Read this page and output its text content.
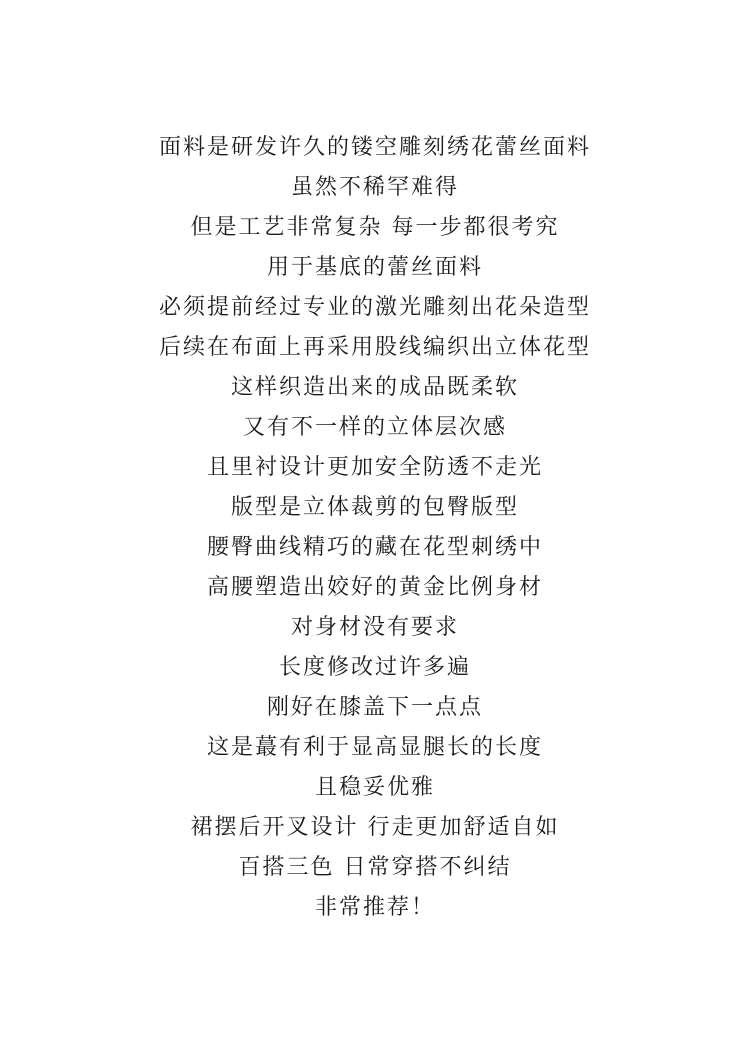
面料是研发许久的镂空雕刻绣花蕾丝面料
虽然不稀罕难得
但是工艺非常复杂 每一步都很考究
用于基底的蕾丝面料
必须提前经过专业的激光雕刻出花朵造型
后续在布面上再采用股线编织出立体花型
这样织造出来的成品既柔软
又有不一样的立体层次感
且里衬设计更加安全防透不走光
版型是立体裁剪的包臀版型
腰臀曲线精巧的藏在花型刺绣中
高腰塑造出姣好的黄金比例身材
对身材没有要求
长度修改过许多遍
刚好在膝盖下一点点
这是蕞有利于显高显腿长的长度
且稳妥优雅
裙摆后开叉设计 行走更加舒适自如
百搭三色 日常穿搭不纠结
非常推荐！
